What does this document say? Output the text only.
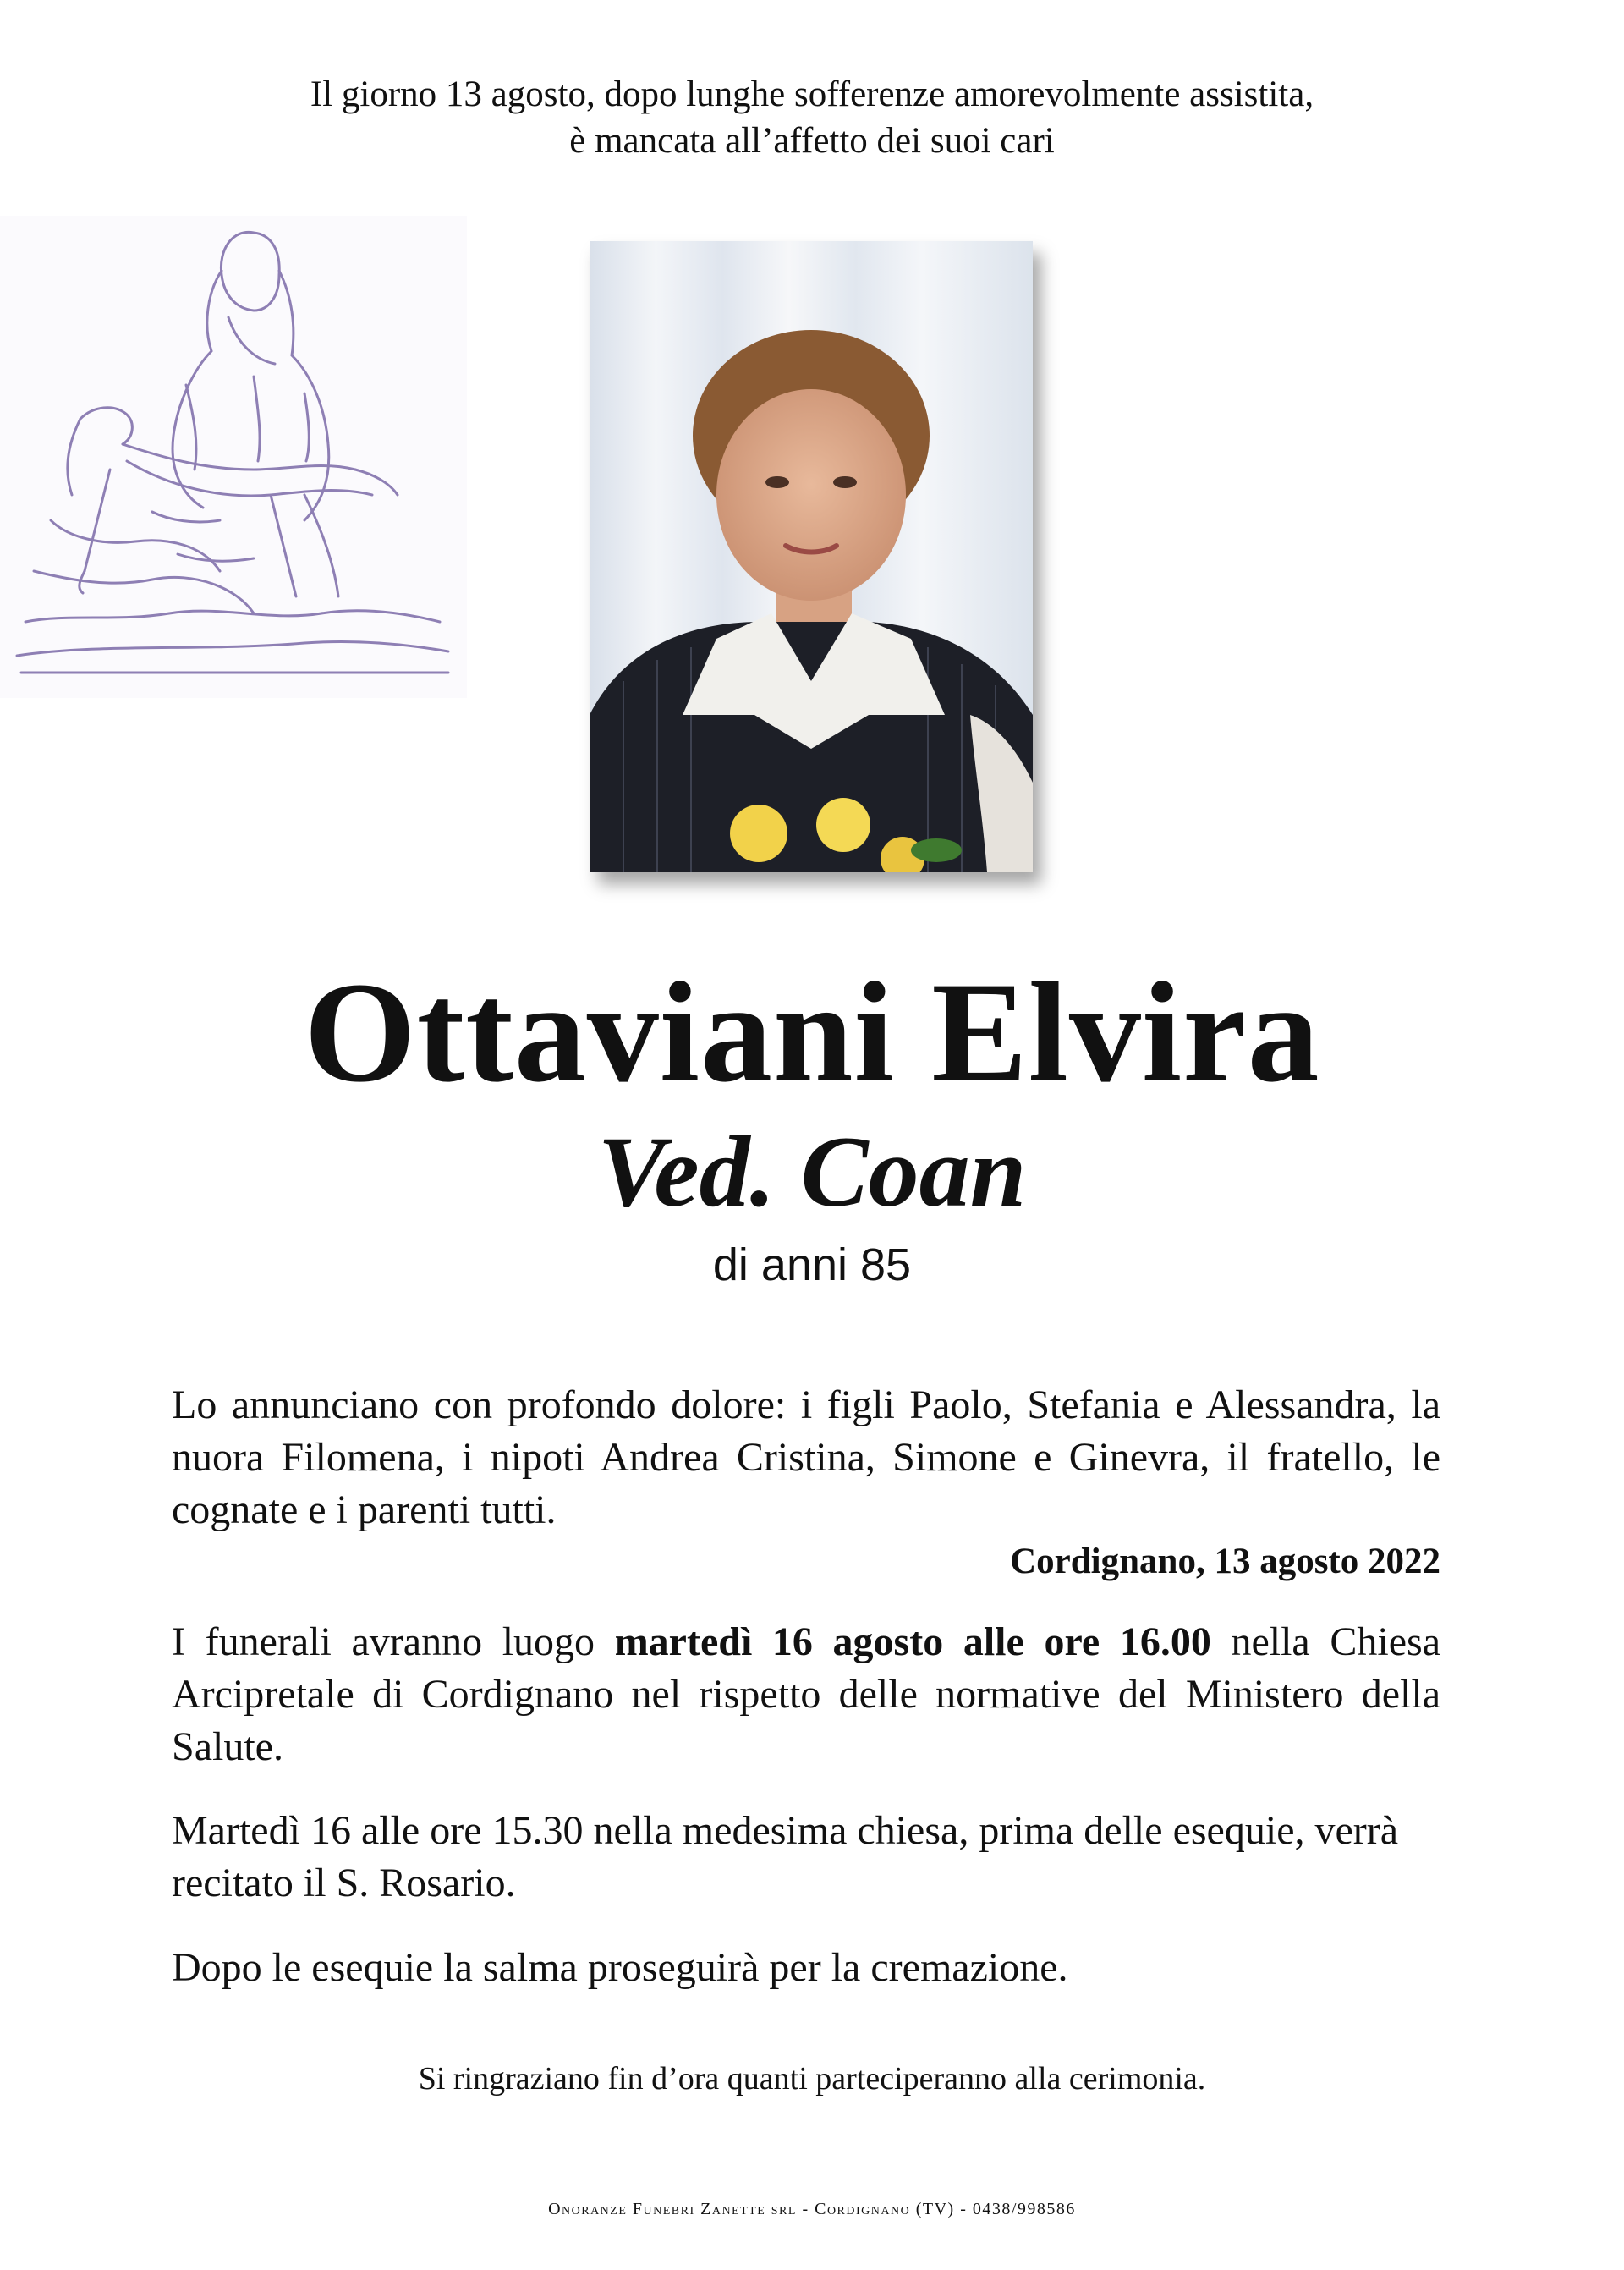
Il giorno 13 agosto, dopo lunghe sofferenze amorevolmente assistita,
è mancata all’affetto dei suoi cari
Ottaviani Elvira
Ved. Coan
di anni 85
Lo annunciano con profondo dolore: i figli Paolo, Stefania e Alessandra, la nuora Filomena, i nipoti Andrea Cristina, Simone e Ginevra, il fratello, le cognate e i parenti tutti.
Cordignano, 13 agosto 2022
I funerali avranno luogo martedì 16 agosto alle ore 16.00 nella Chiesa Arcipretale di Cordignano nel rispetto delle normative del Ministero della Salute.
Martedì 16 alle ore 15.30 nella medesima chiesa, prima delle esequie, verrà recitato il S. Rosario.
Dopo le esequie la salma proseguirà per la cremazione.
Si ringraziano fin d’ora quanti parteciperanno alla cerimonia.
Onoranze Funebri Zanette srl - Cordignano (TV) - 0438/998586
